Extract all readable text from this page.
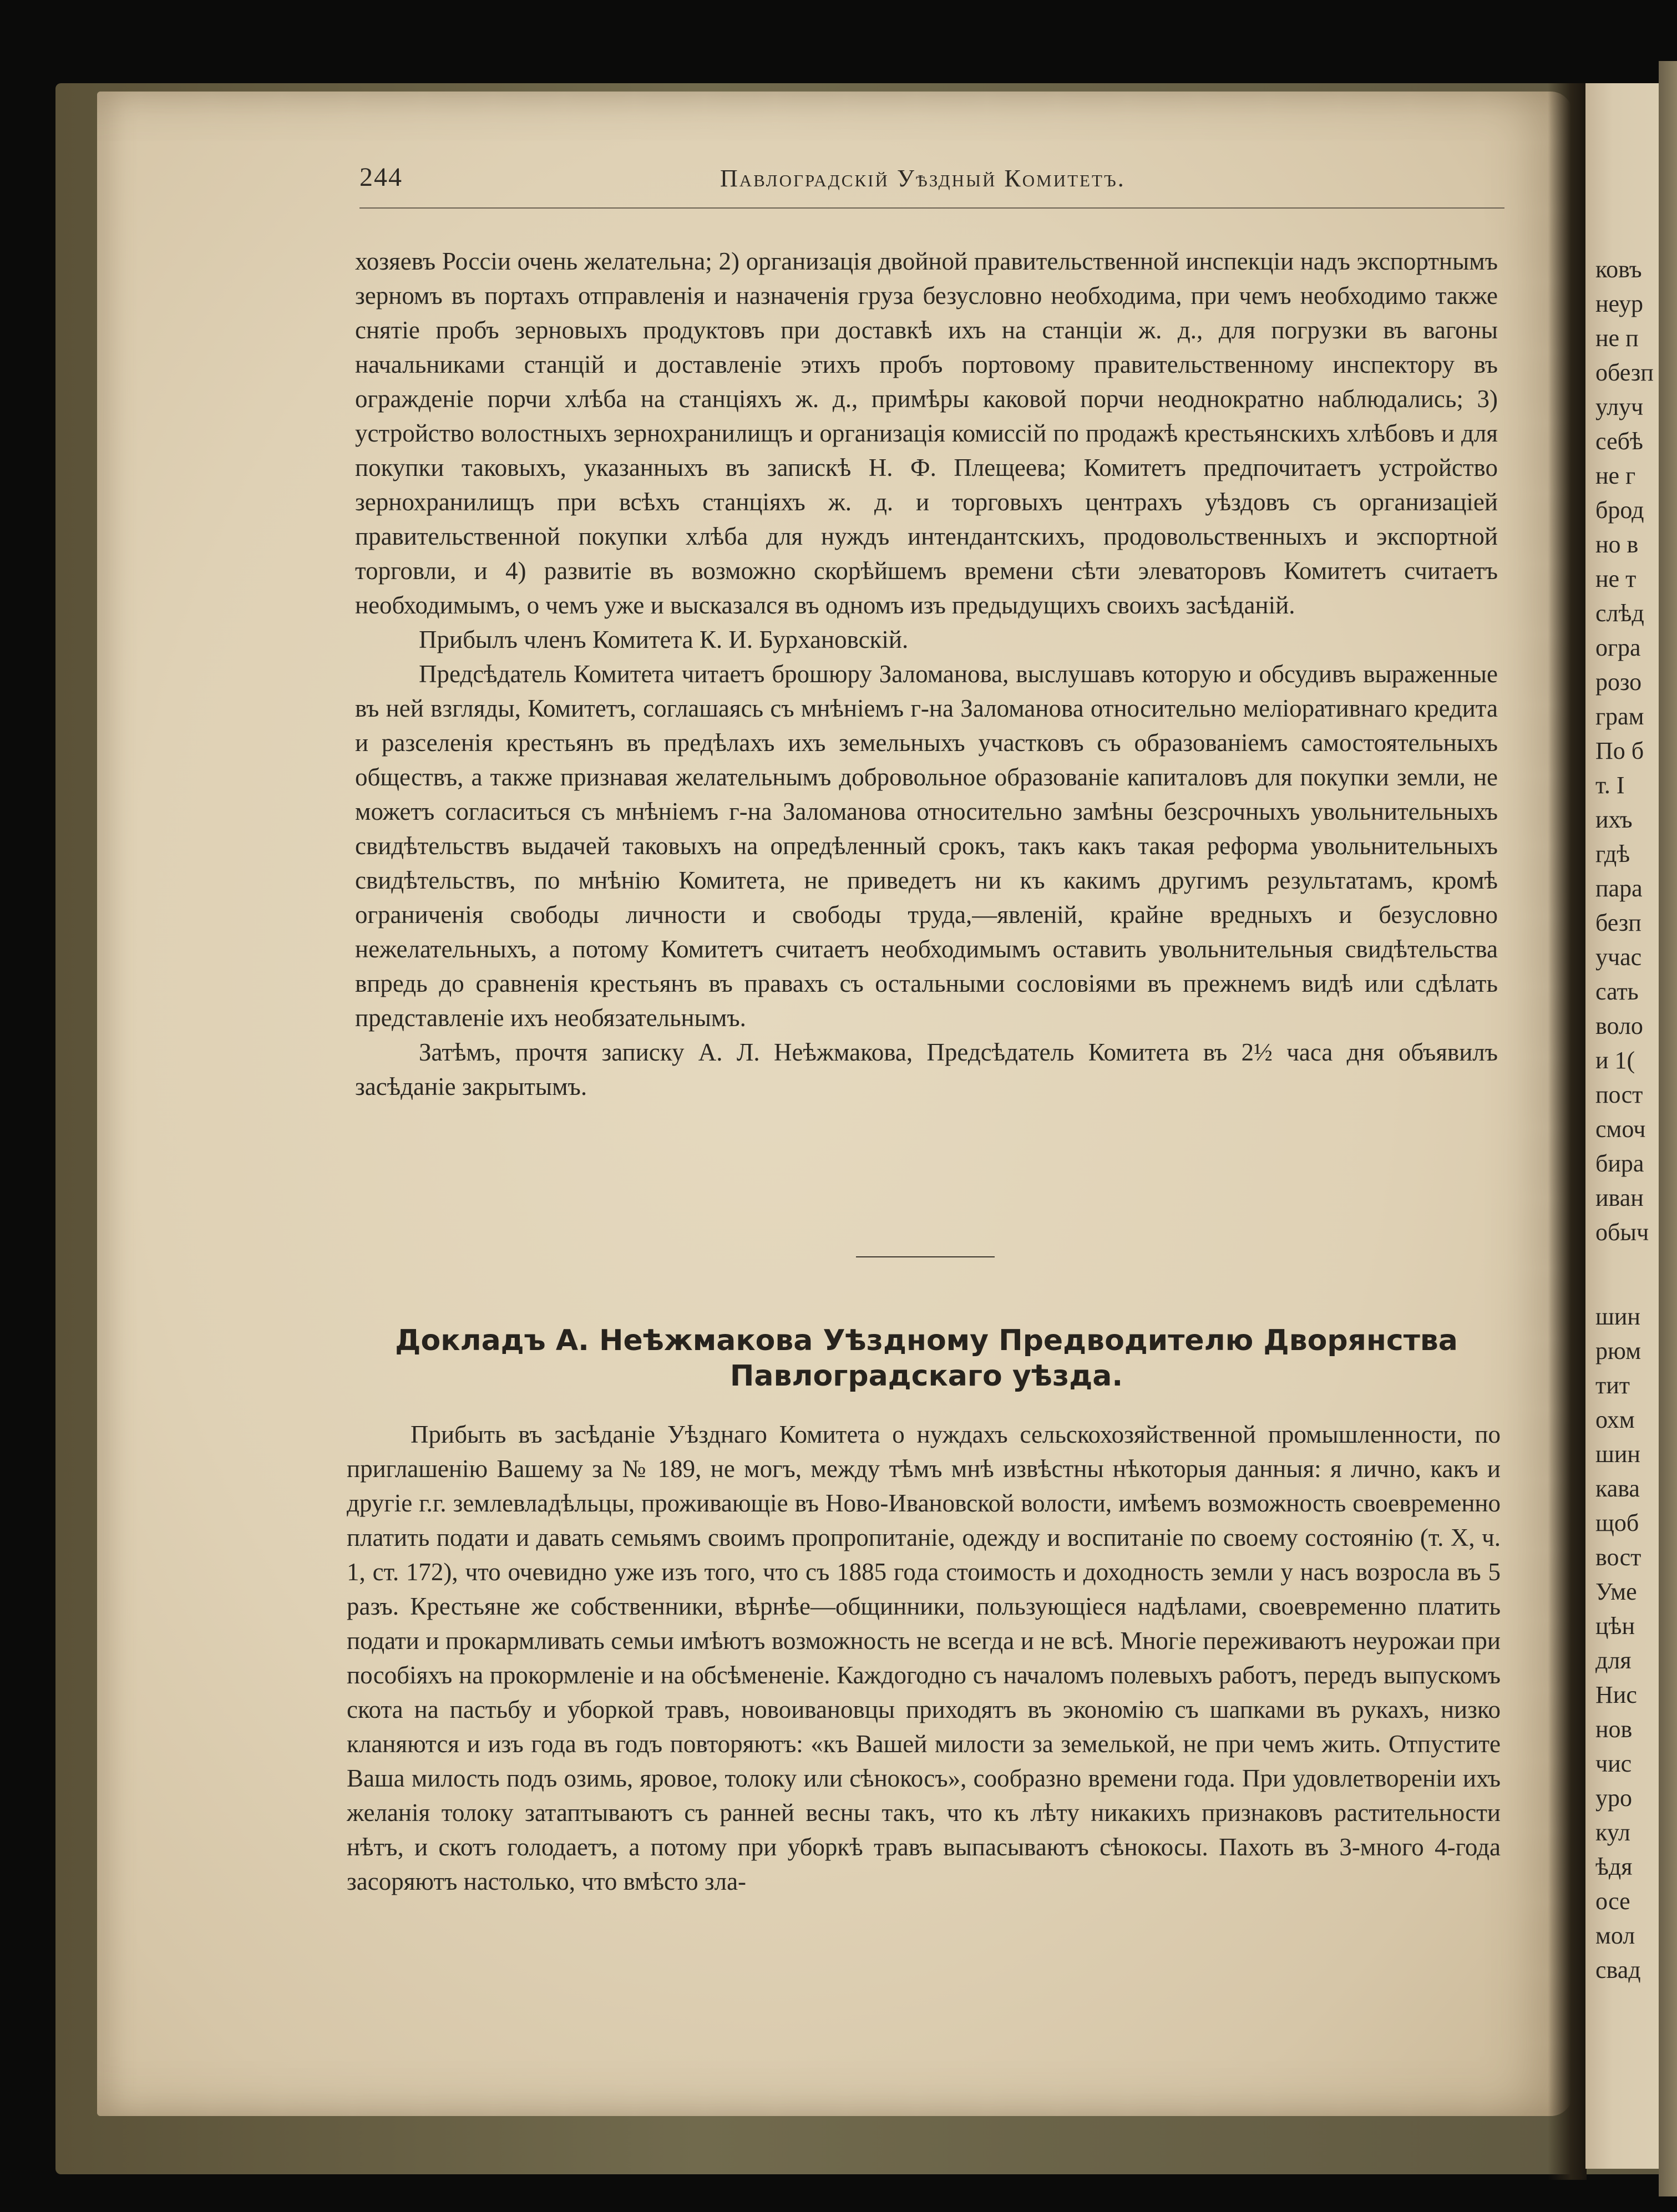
244	Павлоградскій Уѣздный Комитетъ.

хозяевъ Россіи очень желательна; 2) организація двойной правительственной инспекціи надъ экспортнымъ зерномъ въ портахъ отправленія и назначенія груза безусловно необходима, при чемъ необходимо также снятіе пробъ зерновыхъ продуктовъ при доставкѣ ихъ на станціи ж. д., для погрузки въ вагоны начальниками станцій и доставленіе этихъ пробъ портовому правительственному инспектору въ огражденіе порчи хлѣба на станціяхъ ж. д., примѣры каковой порчи неоднократно наблюдались; 3) устройство волостныхъ зернохранилищъ и организація комиссій по продажѣ крестьянскихъ хлѣбовъ и для покупки таковыхъ, указанныхъ въ запискѣ Н. Ф. Плещеева; Комитетъ предпочитаетъ устройство зернохранилищъ при всѣхъ станціяхъ ж. д. и торговыхъ центрахъ уѣздовъ съ организаціей правительственной покупки хлѣба для нуждъ интендантскихъ, продовольственныхъ и экспортной торговли, и 4) развитіе въ возможно скорѣйшемъ времени сѣти элеваторовъ Комитетъ считаетъ необходимымъ, о чемъ уже и высказался въ одномъ изъ предыдущихъ своихъ засѣданій.

Прибылъ членъ Комитета К. И. Бурхановскій.

Предсѣдатель Комитета читаетъ брошюру Заломанова, выслушавъ которую и обсудивъ выраженные въ ней взгляды, Комитетъ, соглашаясь съ мнѣніемъ г-на Заломанова относительно меліоративнаго кредита и разселенія крестьянъ въ предѣлахъ ихъ земельныхъ участковъ съ образованіемъ самостоятельныхъ обществъ, а также признавая желательнымъ добровольное образованіе капиталовъ для покупки земли, не можетъ согласиться съ мнѣніемъ г-на Заломанова относительно замѣны безсрочныхъ увольнительныхъ свидѣтельствъ выдачей таковыхъ на опредѣленный срокъ, такъ какъ такая реформа увольнительныхъ свидѣтельствъ, по мнѣнію Комитета, не приведетъ ни къ какимъ другимъ результатамъ, кромѣ ограниченія свободы личности и свободы труда,—явленій, крайне вредныхъ и безусловно нежелательныхъ, а потому Комитетъ считаетъ необходимымъ оставить увольнительныя свидѣтельства впредь до сравненія крестьянъ въ правахъ съ остальными сословіями въ прежнемъ видѣ или сдѣлать представленіе ихъ необязательнымъ.

Затѣмъ, прочтя записку А. Л. Неѣжмакова, Предсѣдатель Комитета въ 2½ часа дня объявилъ засѣданіе закрытымъ.

Докладъ А. Неѣжмакова Уѣздному Предводителю Дворянства
Павлоградскаго уѣзда.

Прибыть въ засѣданіе Уѣзднаго Комитета о нуждахъ сельскохозяйственной промышленности, по приглашенію Вашему за № 189, не могъ, между тѣмъ мнѣ извѣстны нѣкоторыя данныя: я лично, какъ и другіе г.г. землевладѣльцы, проживающіе въ Ново-Ивановской волости, имѣемъ возможность своевременно платить подати и давать семьямъ своимъ пропропитаніе, одежду и воспитаніе по своему состоянію (т. X, ч. 1, ст. 172), что очевидно уже изъ того, что съ 1885 года стоимость и доходность земли у насъ возросла въ 5 разъ. Крестьяне же собственники, вѣрнѣе—общинники, пользующіеся надѣлами, своевременно платить подати и прокармливать семьи имѣютъ возможность не всегда и не всѣ. Многіе переживаютъ неурожаи при пособіяхъ на прокормленіе и на обсѣмененіе. Каждогодно съ началомъ полевыхъ работъ, передъ выпускомъ скота на пастьбу и уборкой травъ, новоивановцы приходятъ въ экономію съ шапками въ рукахъ, низко кланяются и изъ года въ годъ повторяютъ: «къ Вашей милости за земелькой, не при чемъ жить. Отпустите Ваша милость подъ озимь, яровое, толоку или сѣнокосъ», сообразно времени года. При удовлетвореніи ихъ желанія толоку затаптываютъ съ ранней весны такъ, что къ лѣту никакихъ признаковъ растительности нѣтъ, и скотъ голодаетъ, а потому при уборкѣ травъ выпасываютъ сѣнокосы. Пахоть въ 3-много 4-года засоряютъ настолько, что вмѣсто зла-

ковъ
неур
не п
обезп
улуч
себѣ
не г
брод
но в
не т
слѣд
огра
розо
грам
По б
т. I
ихъ
гдѣ
пара
безп
учас
сать
воло
и 1(
пост
смоч
бира
иван
обыч
шин
рюм
тит
охм
шин
кава
щоб
вост
Уме
цѣн
для
Нис
нов
чис
уро
кул
ѣдя
осе
мол
свад
